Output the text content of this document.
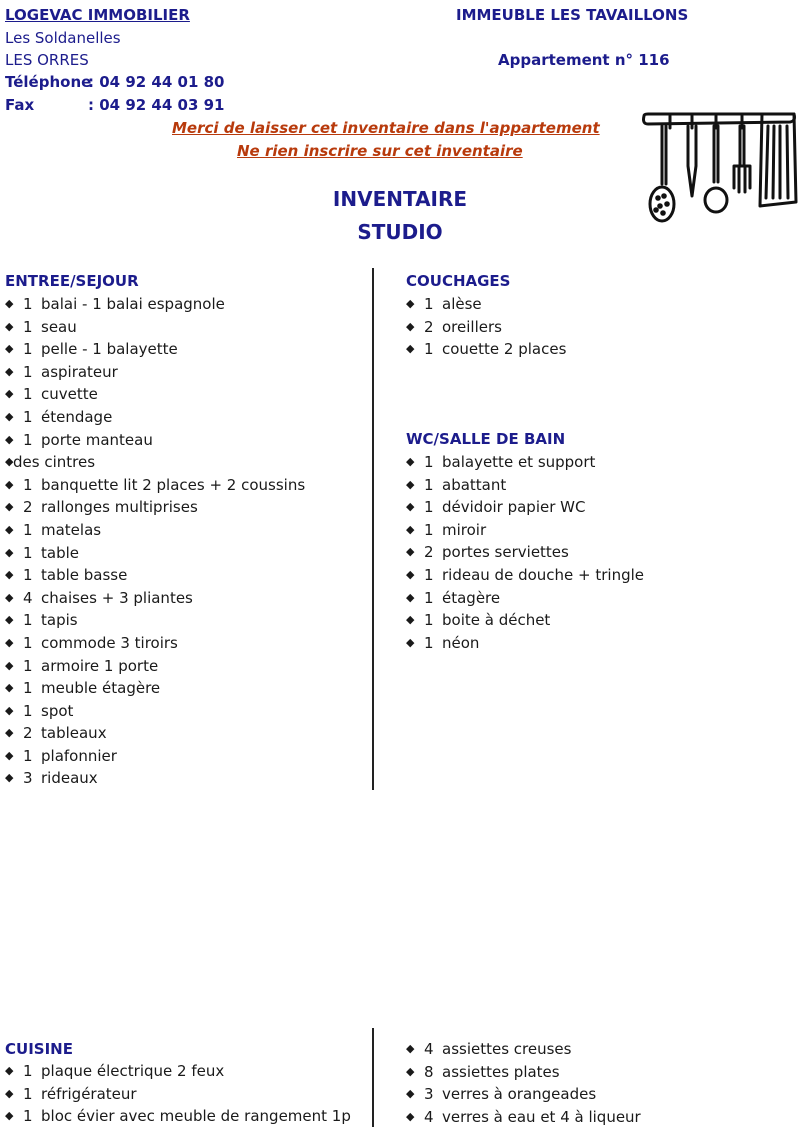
LOGEVAC IMMOBILIER
Les Soldanelles
LES ORRES
Téléphone
: 04 92 44 01 80
Fax	: 04 92 44 03 91
IMMEUBLE LES TAVAILLONS
Appartement n° 116
Merci de laisser cet inventaire dans l'appartement
Ne rien inscrire sur cet inventaire
INVENTAIRE
STUDIO
ENTREE/SEJOUR
◆ 1 balai - 1 balai espagnole
◆ 1 seau
◆ 1 pelle - 1 balayette
◆ 1 aspirateur
◆ 1 cuvette
◆ 1 étendage
◆ 1 porte manteau
◆des cintres
◆ 1 banquette lit 2 places + 2 coussins
◆ 2 rallonges multiprises
◆ 1 matelas
◆ 1 table
◆ 1 table basse
◆ 4 chaises + 3 pliantes
◆ 1 tapis
◆ 1 commode 3 tiroirs
◆ 1 armoire 1 porte
◆ 1 meuble étagère
◆ 1 spot
◆ 2 tableaux
◆ 1 plafonnier
◆ 3 rideaux
COUCHAGES
◆ 1 alèse
◆ 2 oreillers
◆ 1 couette 2 places
WC/SALLE DE BAIN
◆ 1 balayette et support
◆ 1 abattant
◆ 1 dévidoir papier WC
◆ 1 miroir
◆ 2 portes serviettes
◆ 1 rideau de douche + tringle
◆ 1 étagère
◆ 1 boite à déchet
◆ 1 néon
CUISINE
◆ 1 plaque électrique 2 feux
◆ 1 réfrigérateur
◆ 1 bloc évier avec meuble de rangement 1p
◆ 4 assiettes creuses
◆ 8 assiettes plates
◆ 3 verres à orangeades
◆ 4 verres à eau et 4 à liqueur
